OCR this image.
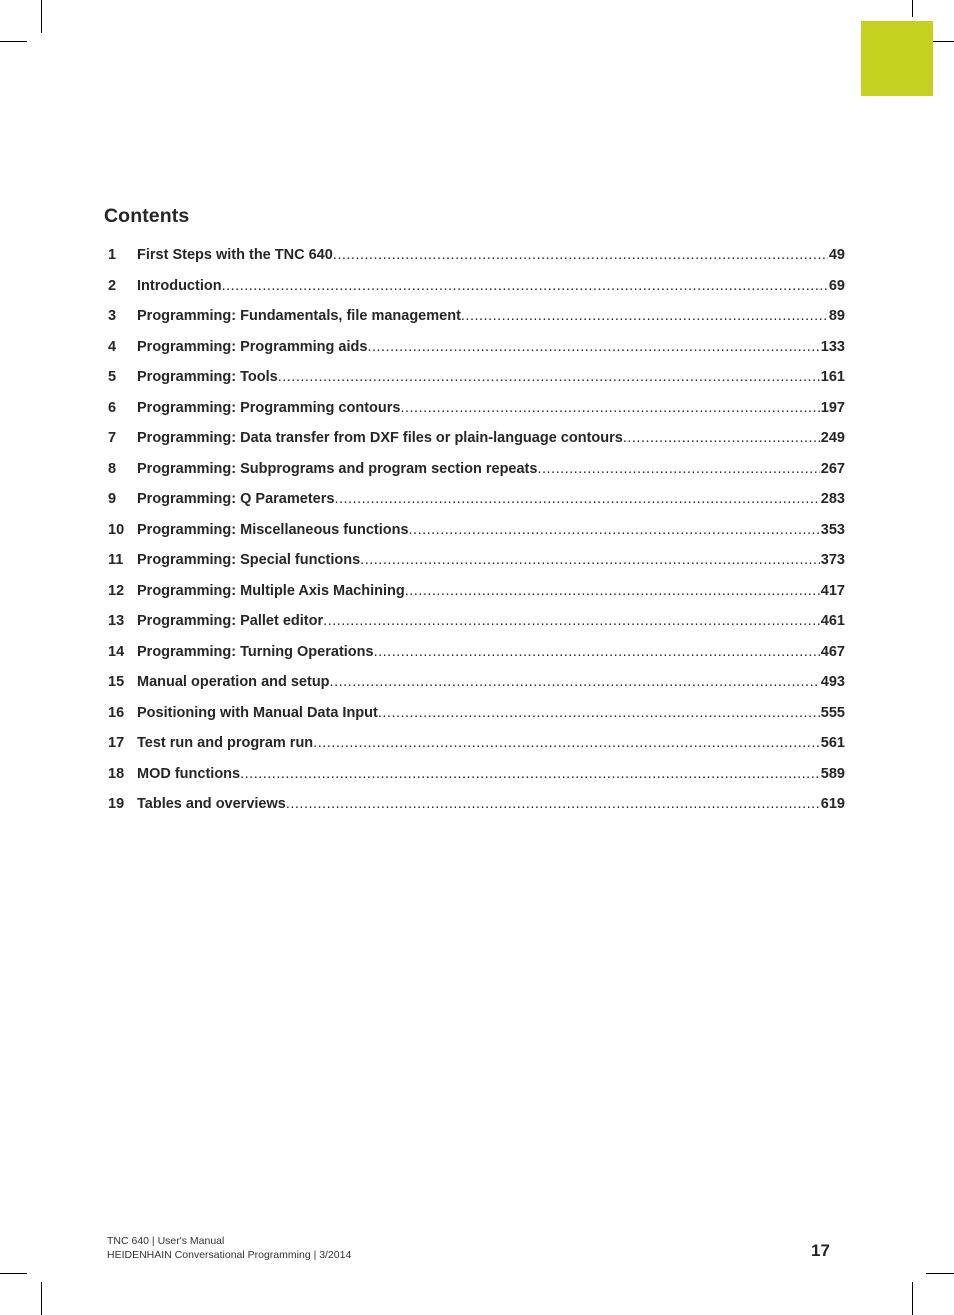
Contents
1	First Steps with the TNC 640 .....	49
2	Introduction .....	69
3	Programming: Fundamentals, file management .....	89
4	Programming: Programming aids .....	133
5	Programming: Tools .....	161
6	Programming: Programming contours .....	197
7	Programming: Data transfer from DXF files or plain-language contours .....	249
8	Programming: Subprograms and program section repeats .....	267
9	Programming: Q Parameters .....	283
10 Programming: Miscellaneous functions .....	353
11 Programming: Special functions .....	373
12 Programming: Multiple Axis Machining .....	417
13 Programming: Pallet editor .....	461
14 Programming: Turning Operations .....	467
15 Manual operation and setup .....	493
16 Positioning with Manual Data Input .....	555
17 Test run and program run .....	561
18 MOD functions .....	589
19 Tables and overviews .....	619
TNC 640 | User's Manual
HEIDENHAIN Conversational Programming | 3/2014	17
